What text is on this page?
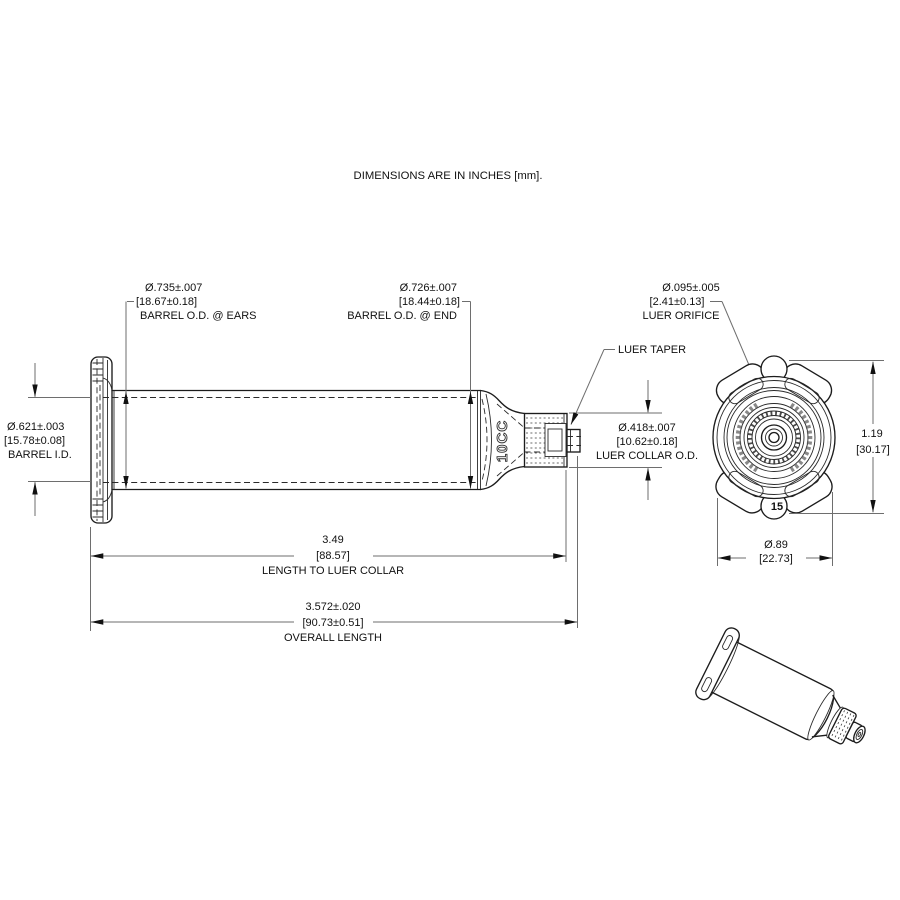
DIMENSIONS ARE IN INCHES [mm].
10CC
Ø.735±.007
[18.67±0.18]
BARREL O.D. @ EARS
Ø.726±.007
[18.44±0.18]
BARREL O.D. @ END
Ø.621±.003
[15.78±0.08]
BARREL I.D.
Ø.418±.007
[10.62±0.18]
LUER COLLAR O.D.
LUER TAPER
Ø.095±.005
[2.41±0.13]
LUER ORIFICE
3.49
[88.57]
LENGTH TO LUER COLLAR
3.572±.020
[90.73±0.51]
OVERALL LENGTH
15
1.19
[30.17]
Ø.89
[22.73]
